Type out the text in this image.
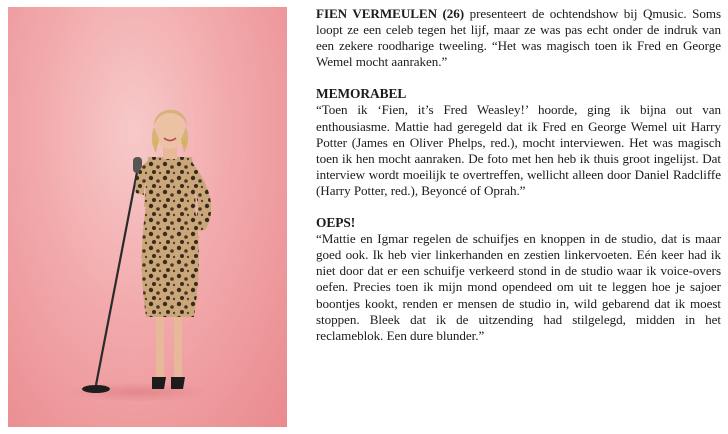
FIEN VERMEULEN (26) presenteert de ochtendshow bij Qmusic. Soms loopt ze een celeb tegen het lijf, maar ze was pas echt onder de indruk van een zekere roodharige tweeling. “Het was magisch toen ik Fred en George Wemel mocht aanraken.”

MEMORABEL

“Toen ik ‘Fien, it’s Fred Weasley!’ hoorde, ging ik bijna out van enthousiasme. Mattie had geregeld dat ik Fred en George Wemel uit Harry Potter (James en Oliver Phelps, red.), mocht interviewen. Het was magisch toen ik hen mocht aanraken. De foto met hen heb ik thuis groot ingelijst. Dat interview wordt moeilijk te overtreffen, wellicht alleen door Daniel Radcliffe (Harry Potter, red.), Beyoncé of Oprah.”

OEPS!

“Mattie en Igmar regelen de schuifjes en knoppen in de studio, dat is maar goed ook. Ik heb vier linkerhanden en zestien linkervoeten. Eén keer had ik niet door dat er een schuifje verkeerd stond in de studio waar ik voice-overs oefen. Precies toen ik mijn mond opendeed om uit te leggen hoe je sajoer boontjes kookt, renden er mensen de studio in, wild gebarend dat ik moest stoppen. Bleek dat ik de uitzending had stilgelegd, midden in het reclameblok. Een dure blunder.”
